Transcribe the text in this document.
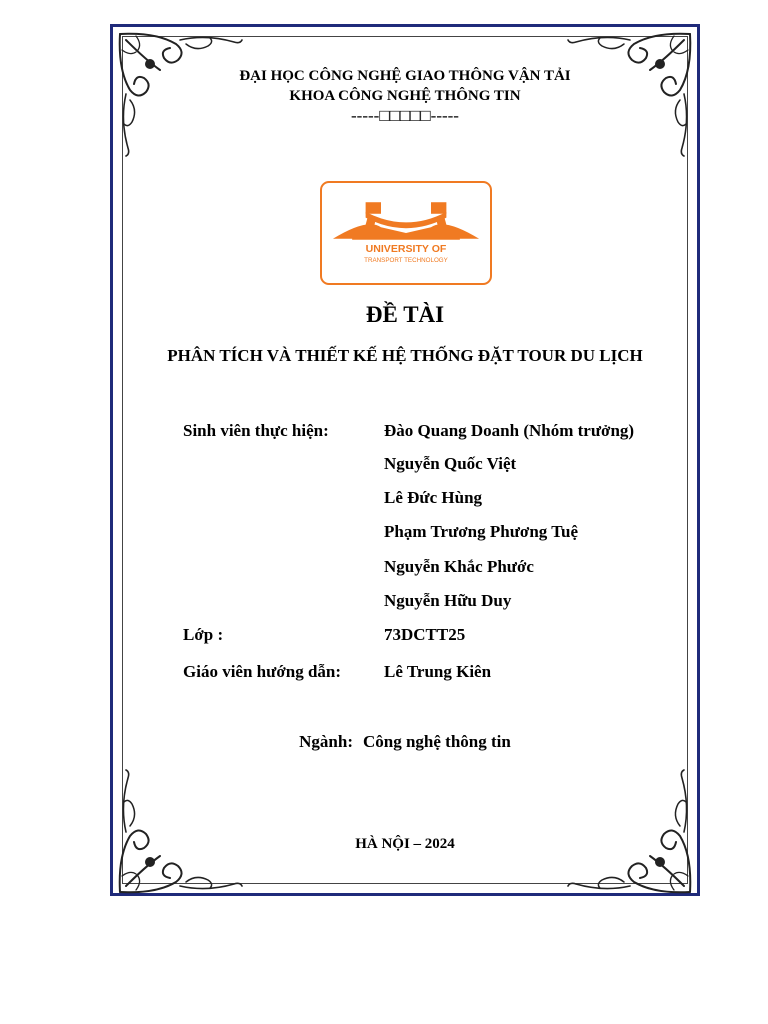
ĐẠI HỌC CÔNG NGHỆ GIAO THÔNG VẬN TẢI
KHOA CÔNG NGHỆ THÔNG TIN
-----□□□□□-----
UNIVERSITY OF
TRANSPORT TECHNOLOGY
ĐỀ TÀI
PHÂN TÍCH VÀ THIẾT KẾ HỆ THỐNG ĐẶT TOUR DU LỊCH
Sinh viên thực hiện:	Đào Quang Doanh (Nhóm trưởng)
Nguyễn Quốc Việt
Lê Đức Hùng
Phạm Trương Phương Tuệ
Nguyễn Khắc Phước
Nguyễn Hữu Duy
Lớp :	73DCTT25
Giáo viên hướng dẫn:	Lê Trung Kiên
Ngành: Công nghệ thông tin
HÀ NỘI – 2024
